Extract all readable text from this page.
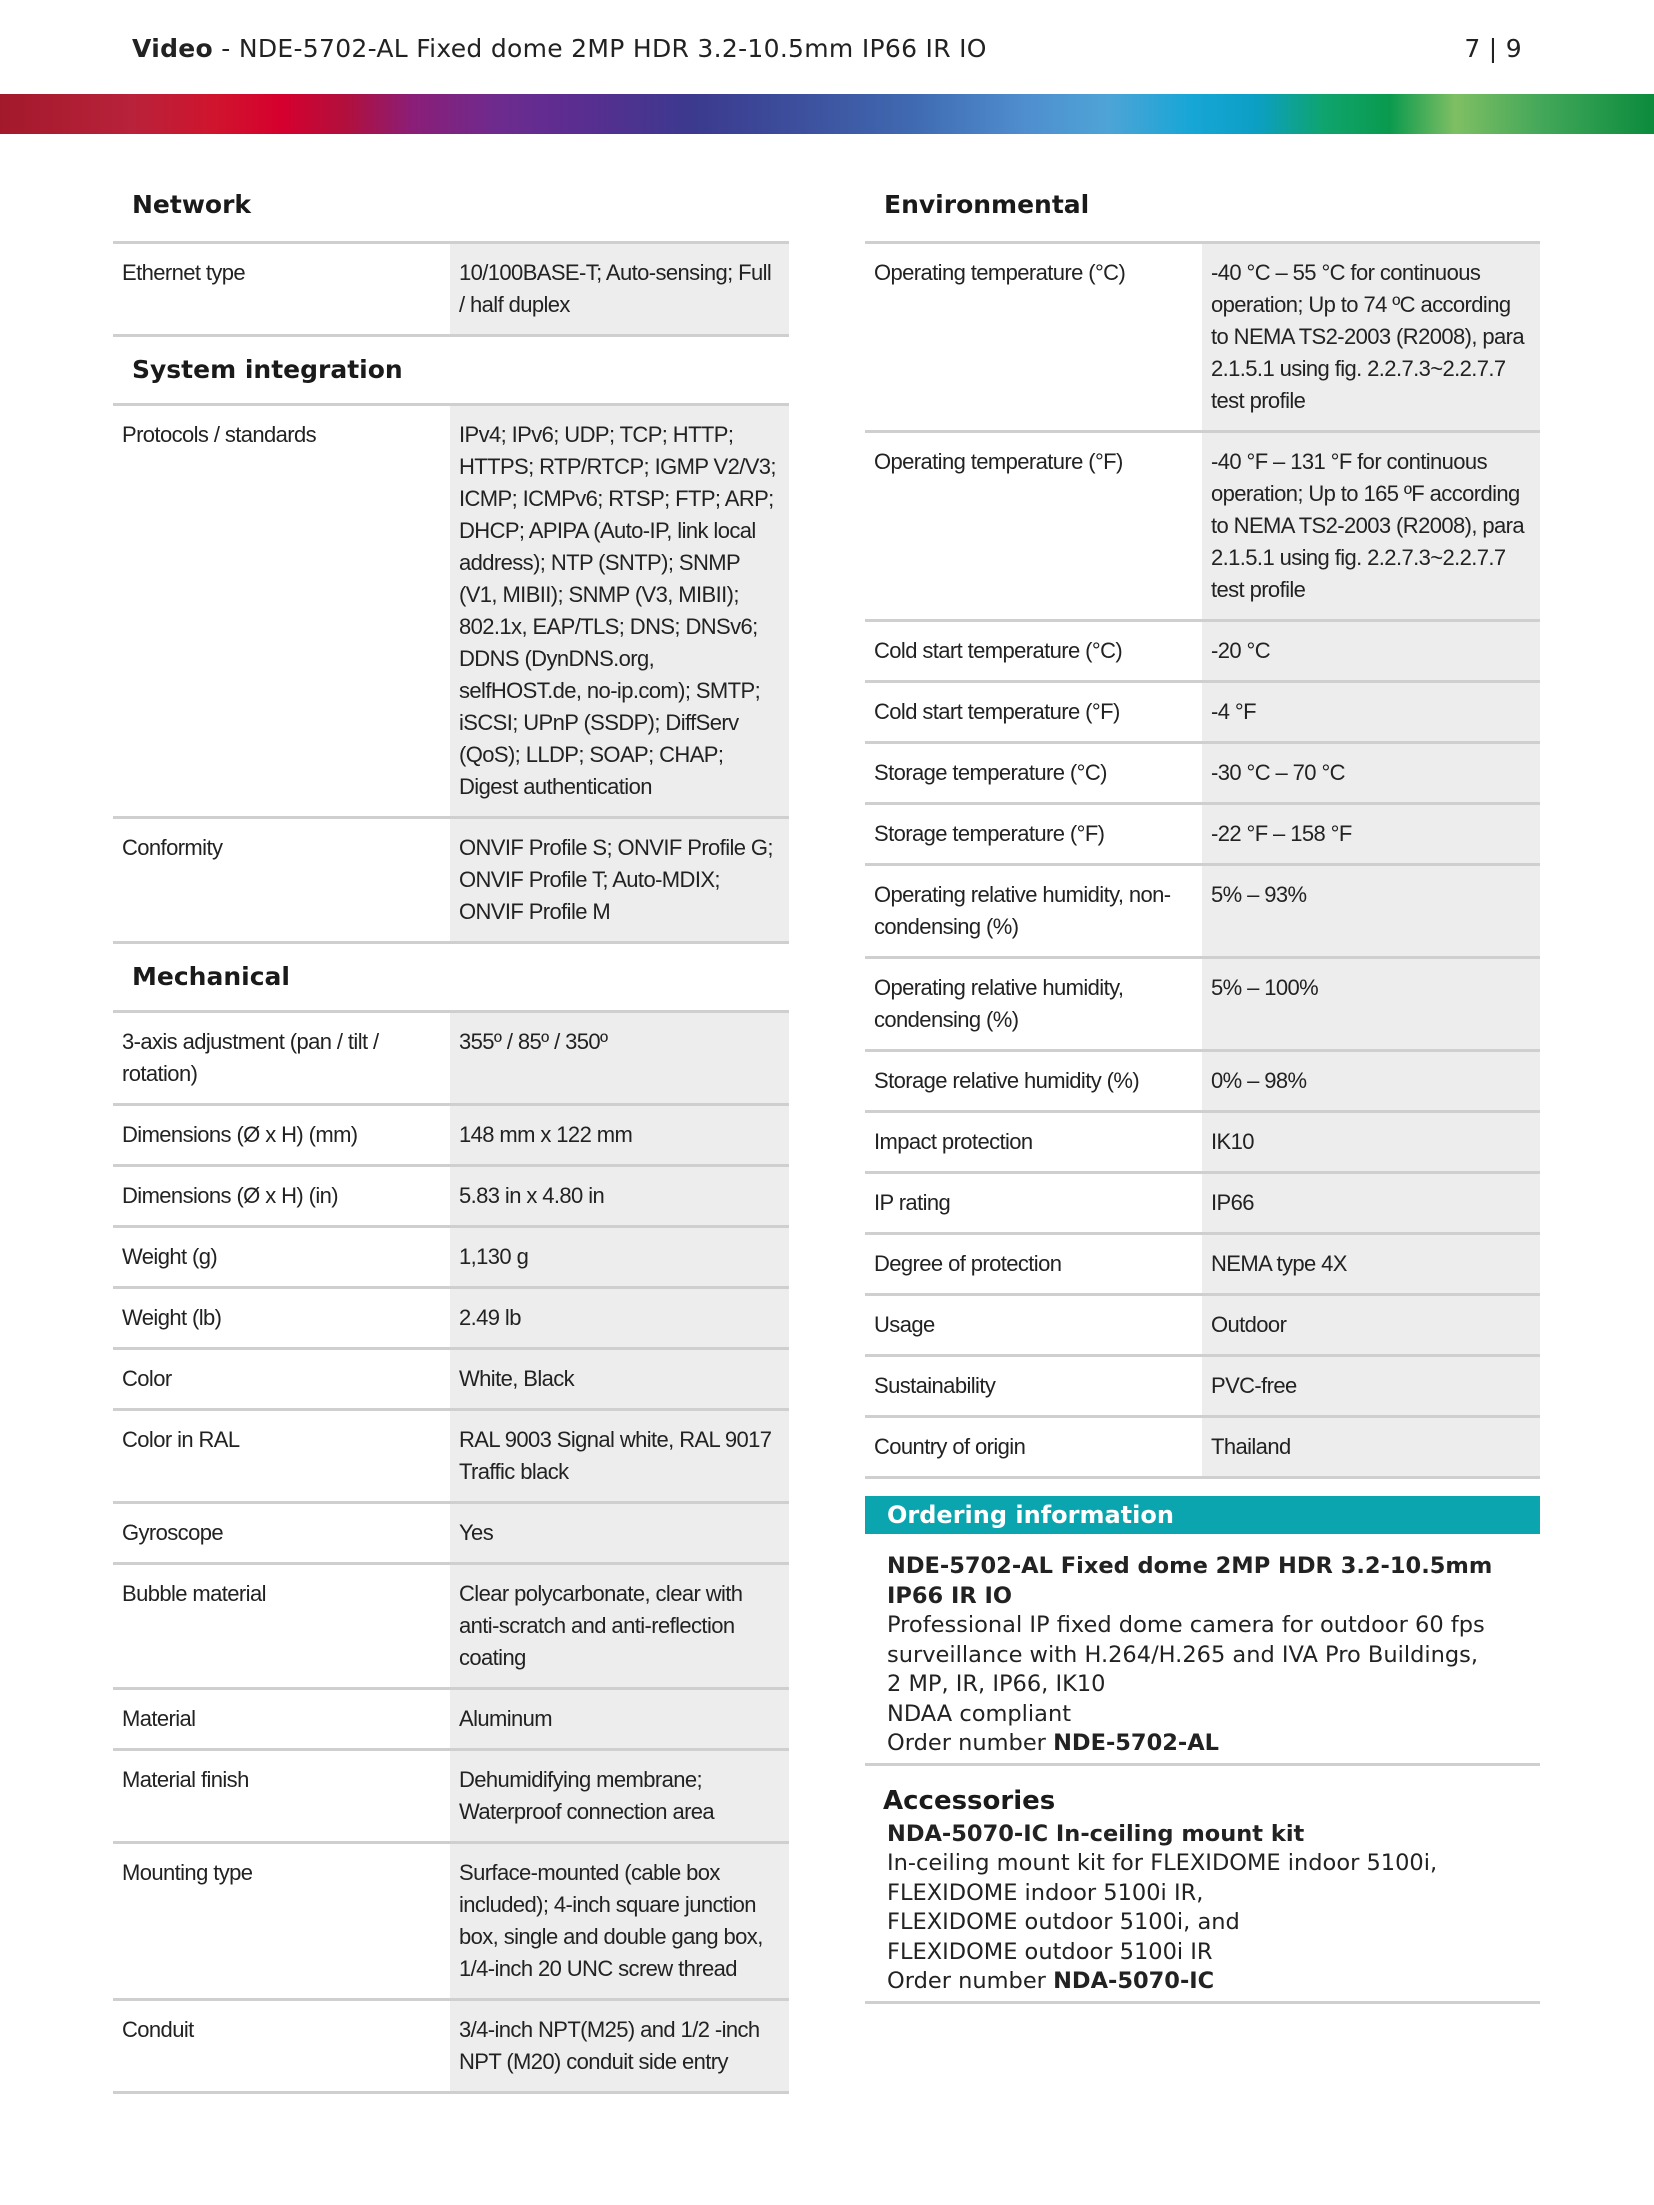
Video - NDE-5702-AL Fixed dome 2MP HDR 3.2-10.5mm IP66 IR IO	7 | 9
Network
Ethernet type	10/100BASE-T; Auto-sensing; Full / half duplex
System integration
Protocols / standards	IPv4; IPv6; UDP; TCP; HTTP; HTTPS; RTP/RTCP; IGMP V2/V3; ICMP; ICMPv6; RTSP; FTP; ARP; DHCP; APIPA (Auto-IP, link local address); NTP (SNTP); SNMP (V1, MIBII); SNMP (V3, MIBII); 802.1x, EAP/TLS; DNS; DNSv6; DDNS (DynDNS.org, selfHOST.de, no-ip.com); SMTP; iSCSI; UPnP (SSDP); DiffServ (QoS); LLDP; SOAP; CHAP; Digest authentication
Conformity	ONVIF Profile S; ONVIF Profile G; ONVIF Profile T; Auto-MDIX; ONVIF Profile M
Mechanical
3-axis adjustment (pan / tilt / rotation)	355º / 85º / 350º
Dimensions (Ø x H) (mm)	148 mm x 122 mm
Dimensions (Ø x H) (in)	5.83 in x 4.80 in
Weight (g)	1,130 g
Weight (lb)	2.49 lb
Color	White, Black
Color in RAL	RAL 9003 Signal white, RAL 9017 Traffic black
Gyroscope	Yes
Bubble material	Clear polycarbonate, clear with anti-scratch and anti-reflection coating
Material	Aluminum
Material finish	Dehumidifying membrane; Waterproof connection area
Mounting type	Surface-mounted (cable box included); 4-inch square junction box, single and double gang box, 1/4-inch 20 UNC screw thread
Conduit	3/4-inch NPT(M25) and 1/2 -inch NPT (M20) conduit side entry
Environmental
Operating temperature (°C)	-40 °C – 55 °C for continuous operation; Up to 74 ºC according to NEMA TS2-2003 (R2008), para 2.1.5.1 using fig. 2.2.7.3~2.2.7.7 test profile
Operating temperature (°F)	-40 °F – 131 °F for continuous operation; Up to 165 ºF according to NEMA TS2-2003 (R2008), para 2.1.5.1 using fig. 2.2.7.3~2.2.7.7 test profile
Cold start temperature (°C)	-20 °C
Cold start temperature (°F)	-4 °F
Storage temperature (°C)	-30 °C – 70 °C
Storage temperature (°F)	-22 °F – 158 °F
Operating relative humidity, non-condensing (%)	5% – 93%
Operating relative humidity, condensing (%)	5% – 100%
Storage relative humidity (%)	0% – 98%
Impact protection	IK10
IP rating	IP66
Degree of protection	NEMA type 4X
Usage	Outdoor
Sustainability	PVC-free
Country of origin	Thailand
Ordering information
NDE-5702-AL Fixed dome 2MP HDR 3.2-10.5mm IP66 IR IO
Professional IP fixed dome camera for outdoor 60 fps
surveillance with H.264/H.265 and IVA Pro Buildings,
2 MP, IR, IP66, IK10
NDAA compliant
Order number NDE-5702-AL
Accessories
NDA-5070-IC In-ceiling mount kit
In-ceiling mount kit for FLEXIDOME indoor 5100i,
FLEXIDOME indoor 5100i IR,
FLEXIDOME outdoor 5100i, and
FLEXIDOME outdoor 5100i IR
Order number NDA-5070-IC
